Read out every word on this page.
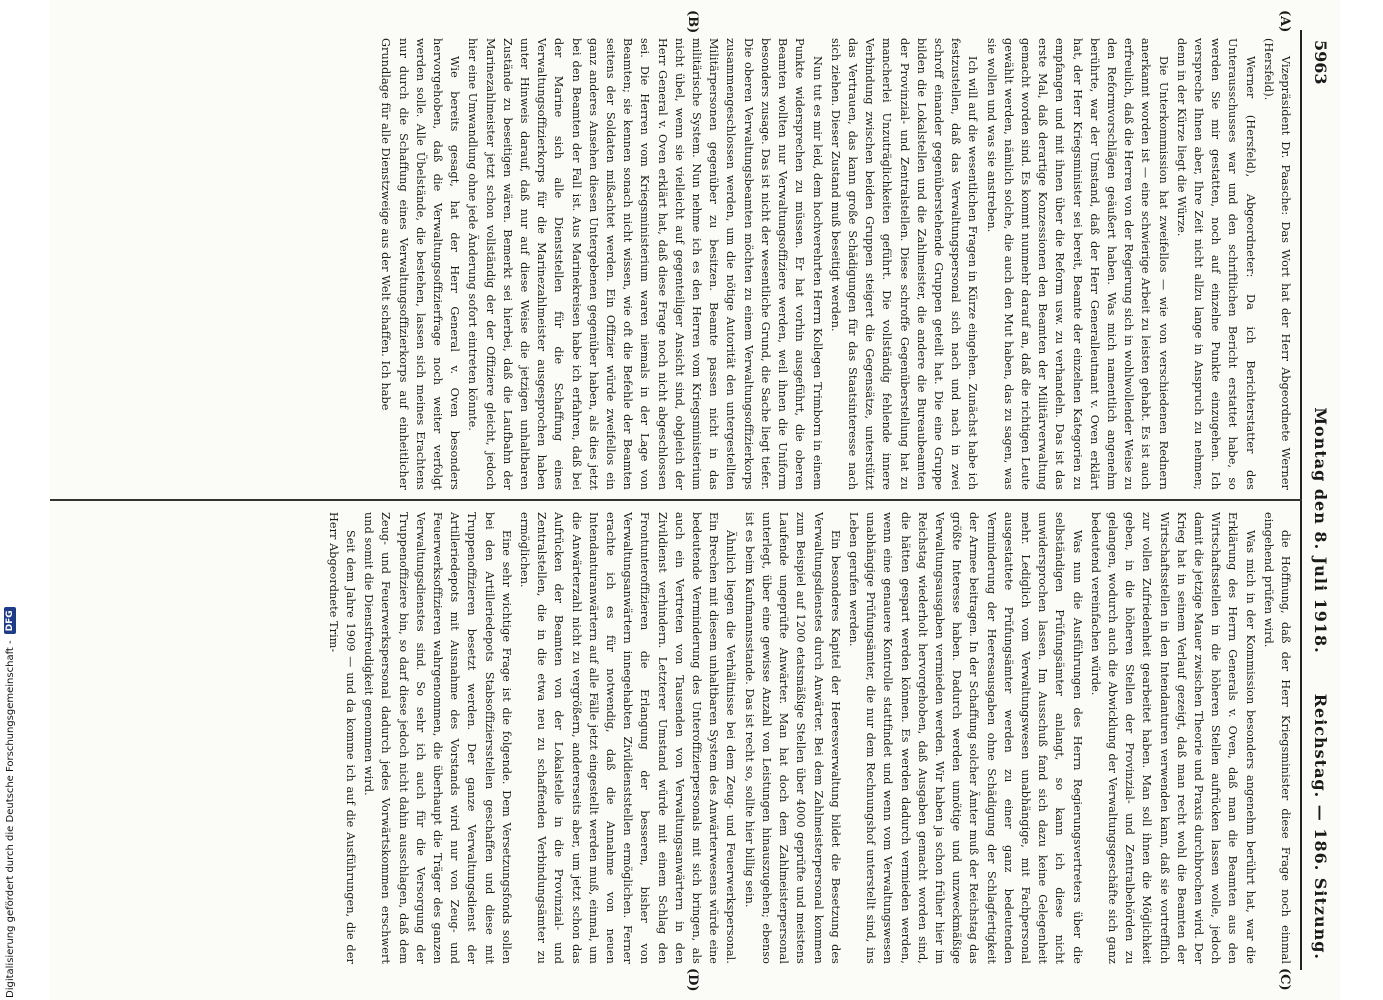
5963
Montag den 8. Juli 1918.
Reichstag. — 186. Sitzung.
(A)
(B)
(C)
(D)

Vizepräsident Dr. Paasche: Das Wort hat der Herr Abgeordnete Werner (Hersfeld).

Werner (Hersfeld), Abgeordneter: Da ich Berichterstatter des Unterausschusses war und den schriftlichen Bericht erstattet habe, so werden Sie mir gestatten, noch auf einzelne Punkte einzugehen. Ich verspreche Ihnen aber, Ihre Zeit nicht allzu lange in Anspruch zu nehmen; denn in der Kürze liegt die Würze.

Die Unterkommission hat zweifellos — wie von verschiedenen Rednern anerkannt worden ist — eine schwierige Arbeit zu leisten gehabt. Es ist auch erfreulich, daß die Herren von der Regierung sich in wohlwollender Weise zu den Reformvorschlägen geäußert haben. Was mich namentlich angenehm berührte, war der Umstand, daß der Herr Generalleutnant v. Oven erklärt hat, der Herr Kriegsminister sei bereit, Beamte der einzelnen Kategorien zu empfangen und mit ihnen über die Reform usw. zu verhandeln. Das ist das erste Mal, daß derartige Konzessionen den Beamten der Militärverwaltung gemacht worden sind. Es kommt nunmehr darauf an, daß die richtigen Leute gewählt werden, nämlich solche, die auch den Mut haben, das zu sagen, was sie wollen und was sie anstreben.

Ich will auf die wesentlichen Fragen in Kürze eingehen. Zunächst habe ich festzustellen, daß das Verwaltungspersonal sich nach und nach in zwei schroff einander gegenüberstehende Gruppen geteilt hat. Die eine Gruppe bilden die Lokalstellen und die Zahlmeister, die andere die Bureaubeamten der Provinzial- und Zentralstellen. Diese schroffe Gegenüberstellung hat zu mancherlei Unzuträglichkeiten geführt. Die vollständig fehlende innere Verbindung zwischen beiden Gruppen steigert die Gegensätze, unterstützt das Vertrauen, das kann große Schädigungen für das Staatsinteresse nach sich ziehen. Dieser Zustand muß beseitigt werden.

Nun tut es mir leid, dem hochverehrten Herrn Kollegen Trimborn in einem Punkte widersprechen zu müssen. Er hat vorhin ausgeführt, die oberen Beamten wollten nur Verwaltungsoffiziere werden, weil ihnen die Uniform besonders zusage. Das ist nicht der wesentliche Grund, die Sache liegt tiefer. Die oberen Verwaltungsbeamten möchten zu einem Verwaltungsoffizierkorps zusammengeschlossen werden, um die nötige Autorität den untergestellten Militärpersonen gegenüber zu besitzen. Beamte passen nicht in das militärische System. Nun nehme ich es den Herren vom Kriegsministerium nicht übel, wenn sie vielleicht auf gegenteiliger Ansicht sind, obgleich der Herr General v. Oven erklärt hat, daß diese Frage noch nicht abgeschlossen sei. Die Herren vom Kriegsministerium waren niemals in der Lage von Beamten; sie kennen sonach nicht wissen, wie oft die Befehle der Beamten seitens der Soldaten mißachtet werden. Ein Offizier würde zweifellos ein ganz anderes Ansehen diesen Untergebenen gegenüber haben, als dies jetzt bei den Beamten der Fall ist. Aus Marinekreisen habe ich erfahren, daß bei der Marine sich alle Dienststellen für die Schaffung eines Verwaltungsoffizierkorps für die Marinezahlmeister ausgesprochen haben unter Hinweis darauf, daß nur auf diese Weise die jetzigen unhaltbaren Zustände zu beseitigen wären. Bemerkt sei hierbei, daß die Laufbahn der Marinezahlmeister jetzt schon vollständig der der Offiziere gleicht, jedoch hier eine Umwandlung ohne jede Änderung sofort eintreten könnte.

Wie bereits gesagt, hat der Herr General v. Oven besonders hervorgehoben, daß die Verwaltungsoffizierfrage noch weiter verfolgt werden solle. Alle Übelstände, die bestehen, lassen sich meines Erachtens nur durch die Schaffung eines Verwaltungsoffizierkorps auf einheitlicher Grundlage für alle Dienstzweige aus der Welt schaffen. Ich habe

die Hoffnung, daß der Herr Kriegsminister diese Frage noch einmal eingehend prüfen wird.

Was mich in der Kommission besonders angenehm berührt hat, war die Erklärung des Herrn Generals v. Oven, daß man die Beamten aus den Wirtschaftsstellen in die höheren Stellen aufrücken lassen wolle, jedoch damit die jetzige Mauer zwischen Theorie und Praxis durchbrochen wird. Der Krieg hat in seinem Verlauf gezeigt, daß man recht wohl die Beamten der Wirtschaftsstellen in den Intendanturen verwenden kann, daß sie vortrefflich zur vollen Zufriedenheit gearbeitet haben. Man soll ihnen die Möglichkeit geben, in die höheren Stellen der Provinzial- und Zentralbehörden zu gelangen, wodurch auch die Abwicklung der Verwaltungsgeschäfte sich ganz bedeutend vereinfachen würde.

Was nun die Ausführungen des Herrn Regierungsvertreters über die selbständigen Prüfungsämter anlangt, so kann ich diese nicht unwidersprochen lassen. Im Ausschuß fand sich dazu keine Gelegenheit mehr. Lediglich vom Verwaltungswesen unabhängige, mit Fachpersonal ausgestattete Prüfungsämter werden zu einer ganz bedeutenden Verminderung der Heeresausgaben ohne Schädigung der Schlagfertigkeit der Armee beitragen. In der Schaffung solcher Ämter muß der Reichstag das größte Interesse haben. Dadurch werden unnötige und unzweckmäßige Verwaltungsausgaben vermieden werden. Wir haben ja schon früher hier im Reichstag wiederholt hervorgehoben, daß Ausgaben gemacht worden sind, die hätten gespart werden können. Es werden dadurch vermieden werden, wenn eine genauere Kontrolle stattfindet und wenn vom Verwaltungswesen unabhängige Prüfungsämter, die nur dem Rechnungshof unterstellt sind, ins Leben gerufen werden.

Ein besonderes Kapitel der Heeresverwaltung bildet die Besetzung des Verwaltungsdienstes durch Anwärter. Bei dem Zahlmeisterpersonal kommen zum Beispiel auf 1200 etatsmäßige Stellen über 4000 geprüfte und meistens Laufende ungeprüfte Anwärter. Man hat doch dem Zahlmeisterpersonal unterlegt, über eine gewisse Anzahl von Leistungen hinauszugehen; ebenso ist es beim Kaufmannsstande. Das ist recht so, sollte hier billig sein.

Ähnlich liegen die Verhältnisse bei dem Zeug- und Feuerwerkspersonal. Ein Brechen mit diesem unhaltbaren System des Anwärterwesens würde eine bedeutende Verminderung des Unteroffizierpersonals mit sich bringen, als auch ein Vertreten von Tausenden von Verwaltungsanwärtern in den Zivildienst verhindern. Letzterer Umstand würde mit einem Schlag den Frontunteroffizieren die Erlangung der besseren, bisher von Verwaltungsanwärtern innegehabten Zivildienststellen ermöglichen. Ferner erachte ich es für notwendig, daß die Annahme von neuen Intendanturanwärtern auf alle Fälle jetzt eingestellt werden muß, einmal, um die Anwärterzahl nicht zu vergrößern, andererseits aber, um jetzt schon das Aufrücken der Beamten von der Lokalstelle in die Provinzial- und Zentralstellen, die in die etwa neu zu schaffenden Verbindungsämter zu ermöglichen.

Eine sehr wichtige Frage ist die folgende. Dem Versetzungsfonds sollen bei den Artilleriedepots Stabsoffiziersstellen geschaffen und diese mit Truppenoffizieren besetzt werden. Der ganze Verwaltungsdienst der Artilleriedepots mit Ausnahme des Vorstands wird nur von Zeug- und Feuerwerksoffizieren wahrgenommen, die überhaupt die Träger des ganzen Verwaltungsdienstes sind. So sehr ich auch für die Versorgung der Truppenoffiziere bin, so darf diese jedoch nicht dahin ausschlagen, daß dem Zeug- und Feuerwerkspersonal dadurch jedes Vorwärtskommen erschwert und somit die Dienstfreudigkeit genommen wird.

Seit dem Jahre 1909 — und da komme ich auf die Ausführungen, die der Herr Abgeordnete Trim-

Digitalisierung gefördert durch die Deutsche Forschungsgemeinschaft -
DFG
